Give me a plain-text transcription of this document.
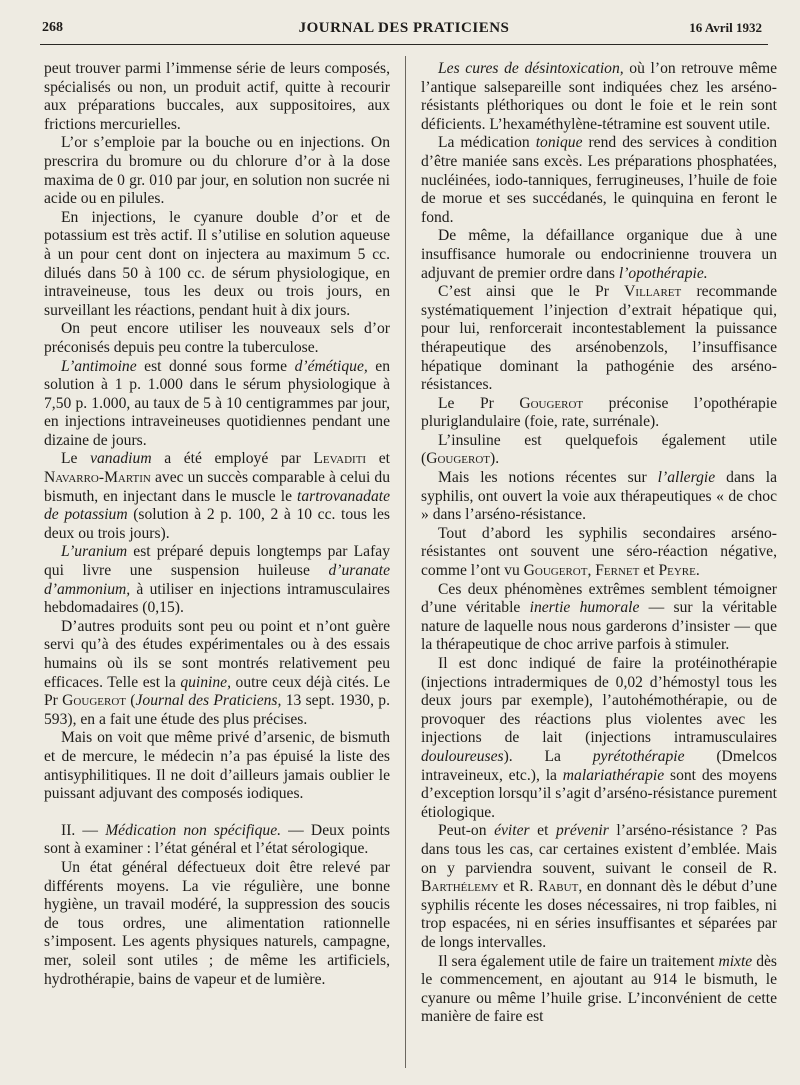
268	JOURNAL DES PRATICIENS	16 Avril 1932

peut trouver parmi l’immense série de leurs composés, spécialisés ou non, un produit actif, quitte à recourir aux préparations buccales, aux suppositoires, aux frictions mercurielles.

L’or s’emploie par la bouche ou en injections. On prescrira du bromure ou du chlorure d’or à la dose maxima de 0 gr. 010 par jour, en solution non sucrée ni acide ou en pilules.

En injections, le cyanure double d’or et de potassium est très actif. Il s’utilise en solution aqueuse à un pour cent dont on injectera au maximum 5 cc. dilués dans 50 à 100 cc. de sérum physiologique, en intraveineuse, tous les deux ou trois jours, en surveillant les réactions, pendant huit à dix jours.

On peut encore utiliser les nouveaux sels d’or préconisés depuis peu contre la tuberculose.

L’antimoine est donné sous forme d’émétique, en solution à 1 p. 1.000 dans le sérum physiologique à 7,50 p. 1.000, au taux de 5 à 10 centigrammes par jour, en injections intraveineuses quotidiennes pendant une dizaine de jours.

Le vanadium a été employé par Levaditi et Navarro-Martin avec un succès comparable à celui du bismuth, en injectant dans le muscle le tartrovanadate de potassium (solution à 2 p. 100, 2 à 10 cc. tous les deux ou trois jours).

L’uranium est préparé depuis longtemps par Lafay qui livre une suspension huileuse d’uranate d’ammonium, à utiliser en injections intramusculaires hebdomadaires (0,15).

D’autres produits sont peu ou point et n’ont guère servi qu’à des études expérimentales ou à des essais humains où ils se sont montrés relativement peu efficaces. Telle est la quinine, outre ceux déjà cités. Le Pr Gougerot (Journal des Praticiens, 13 sept. 1930, p. 593), en a fait une étude des plus précises.

Mais on voit que même privé d’arsenic, de bismuth et de mercure, le médecin n’a pas épuisé la liste des antisyphilitiques. Il ne doit d’ailleurs jamais oublier le puissant adjuvant des composés iodiques.

II. — Médication non spécifique. — Deux points sont à examiner : l’état général et l’état sérologique.

Un état général défectueux doit être relevé par différents moyens. La vie régulière, une bonne hygiène, un travail modéré, la suppression des soucis de tous ordres, une alimentation rationnelle s’imposent. Les agents physiques naturels, campagne, mer, soleil sont utiles ; de même les artificiels, hydrothérapie, bains de vapeur et de lumière.

Les cures de désintoxication, où l’on retrouve même l’antique salsepareille sont indiquées chez les arséno-résistants pléthoriques ou dont le foie et le rein sont déficients. L’hexaméthylène-tétramine est souvent utile.

La médication tonique rend des services à condition d’être maniée sans excès. Les préparations phosphatées, nucléinées, iodo-tanniques, ferrugineuses, l’huile de foie de morue et ses succédanés, le quinquina en feront le fond.

De même, la défaillance organique due à une insuffisance humorale ou endocrinienne trouvera un adjuvant de premier ordre dans l’opothérapie.

C’est ainsi que le Pr Villaret recommande systématiquement l’injection d’extrait hépatique qui, pour lui, renforcerait incontestablement la puissance thérapeutique des arsénobenzols, l’insuffisance hépatique dominant la pathogénie des arséno-résistances.

Le Pr Gougerot préconise l’opothérapie pluriglandulaire (foie, rate, surrénale).

L’insuline est quelquefois également utile (Gougerot).

Mais les notions récentes sur l’allergie dans la syphilis, ont ouvert la voie aux thérapeutiques « de choc » dans l’arséno-résistance.

Tout d’abord les syphilis secondaires arséno-résistantes ont souvent une séro-réaction négative, comme l’ont vu Gougerot, Fernet et Peyre.

Ces deux phénomènes extrêmes semblent témoigner d’une véritable inertie humorale — sur la véritable nature de laquelle nous nous garderons d’insister — que la thérapeutique de choc arrive parfois à stimuler.

Il est donc indiqué de faire la protéinothérapie (injections intradermiques de 0,02 d’hémostyl tous les deux jours par exemple), l’autohémothérapie, ou de provoquer des réactions plus violentes avec les injections de lait (injections intramusculaires douloureuses). La pyrétothérapie (Dmelcos intraveineux, etc.), la malariathérapie sont des moyens d’exception lorsqu’il s’agit d’arséno-résistance purement étiologique.

Peut-on éviter et prévenir l’arséno-résistance ? Pas dans tous les cas, car certaines existent d’emblée. Mais on y parviendra souvent, suivant le conseil de R. Barthélemy et R. Rabut, en donnant dès le début d’une syphilis récente les doses nécessaires, ni trop faibles, ni trop espacées, ni en séries insuffisantes et séparées par de longs intervalles.

Il sera également utile de faire un traitement mixte dès le commencement, en ajoutant au 914 le bismuth, le cyanure ou même l’huile grise. L’inconvénient de cette manière de faire est
